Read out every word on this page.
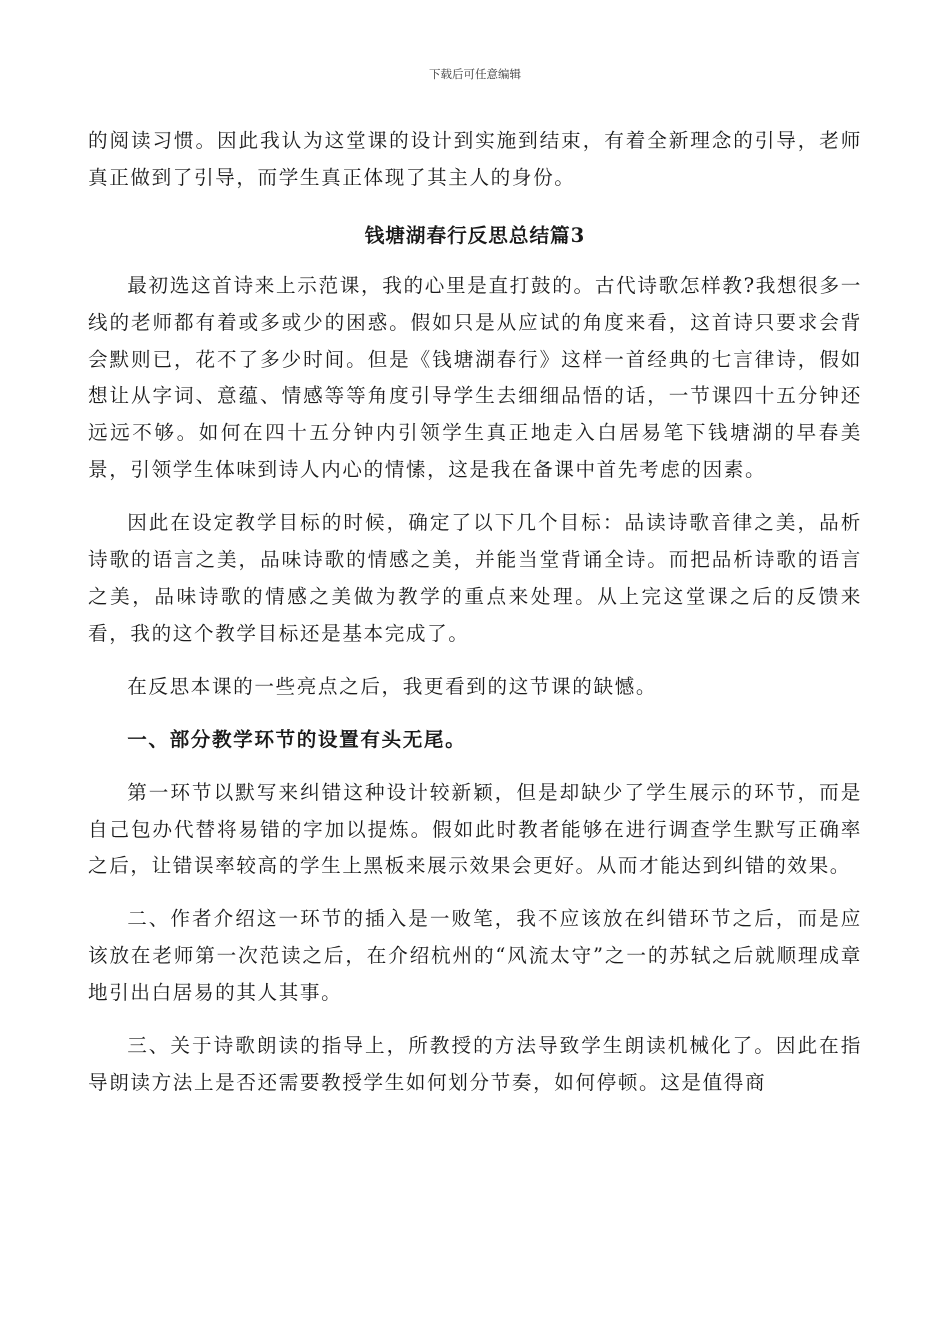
下载后可任意编辑

的阅读习惯。因此我认为这堂课的设计到实施到结束，有着全新理念的引导，老师真正做到了引导，而学生真正体现了其主人的身份。

钱塘湖春行反思总结篇3

最初选这首诗来上示范课，我的心里是直打鼓的。古代诗歌怎样教?我想很多一线的老师都有着或多或少的困惑。假如只是从应试的角度来看，这首诗只要求会背会默则已，花不了多少时间。但是《钱塘湖春行》这样一首经典的七言律诗，假如想让从字词、意蕴、情感等等角度引导学生去细细品悟的话，一节课四十五分钟还远远不够。如何在四十五分钟内引领学生真正地走入白居易笔下钱塘湖的早春美景，引领学生体味到诗人内心的情愫，这是我在备课中首先考虑的因素。

因此在设定教学目标的时候，确定了以下几个目标：品读诗歌音律之美，品析诗歌的语言之美，品味诗歌的情感之美，并能当堂背诵全诗。而把品析诗歌的语言之美，品味诗歌的情感之美做为教学的重点来处理。从上完这堂课之后的反馈来看，我的这个教学目标还是基本完成了。

在反思本课的一些亮点之后，我更看到的这节课的缺憾。

一、部分教学环节的设置有头无尾。

第一环节以默写来纠错这种设计较新颖，但是却缺少了学生展示的环节，而是自己包办代替将易错的字加以提炼。假如此时教者能够在进行调查学生默写正确率之后，让错误率较高的学生上黑板来展示效果会更好。从而才能达到纠错的效果。

二、作者介绍这一环节的插入是一败笔，我不应该放在纠错环节之后，而是应该放在老师第一次范读之后，在介绍杭州的“风流太守”之一的苏轼之后就顺理成章地引出白居易的其人其事。

三、关于诗歌朗读的指导上，所教授的方法导致学生朗读机械化了。因此在指导朗读方法上是否还需要教授学生如何划分节奏，如何停顿。这是值得商
